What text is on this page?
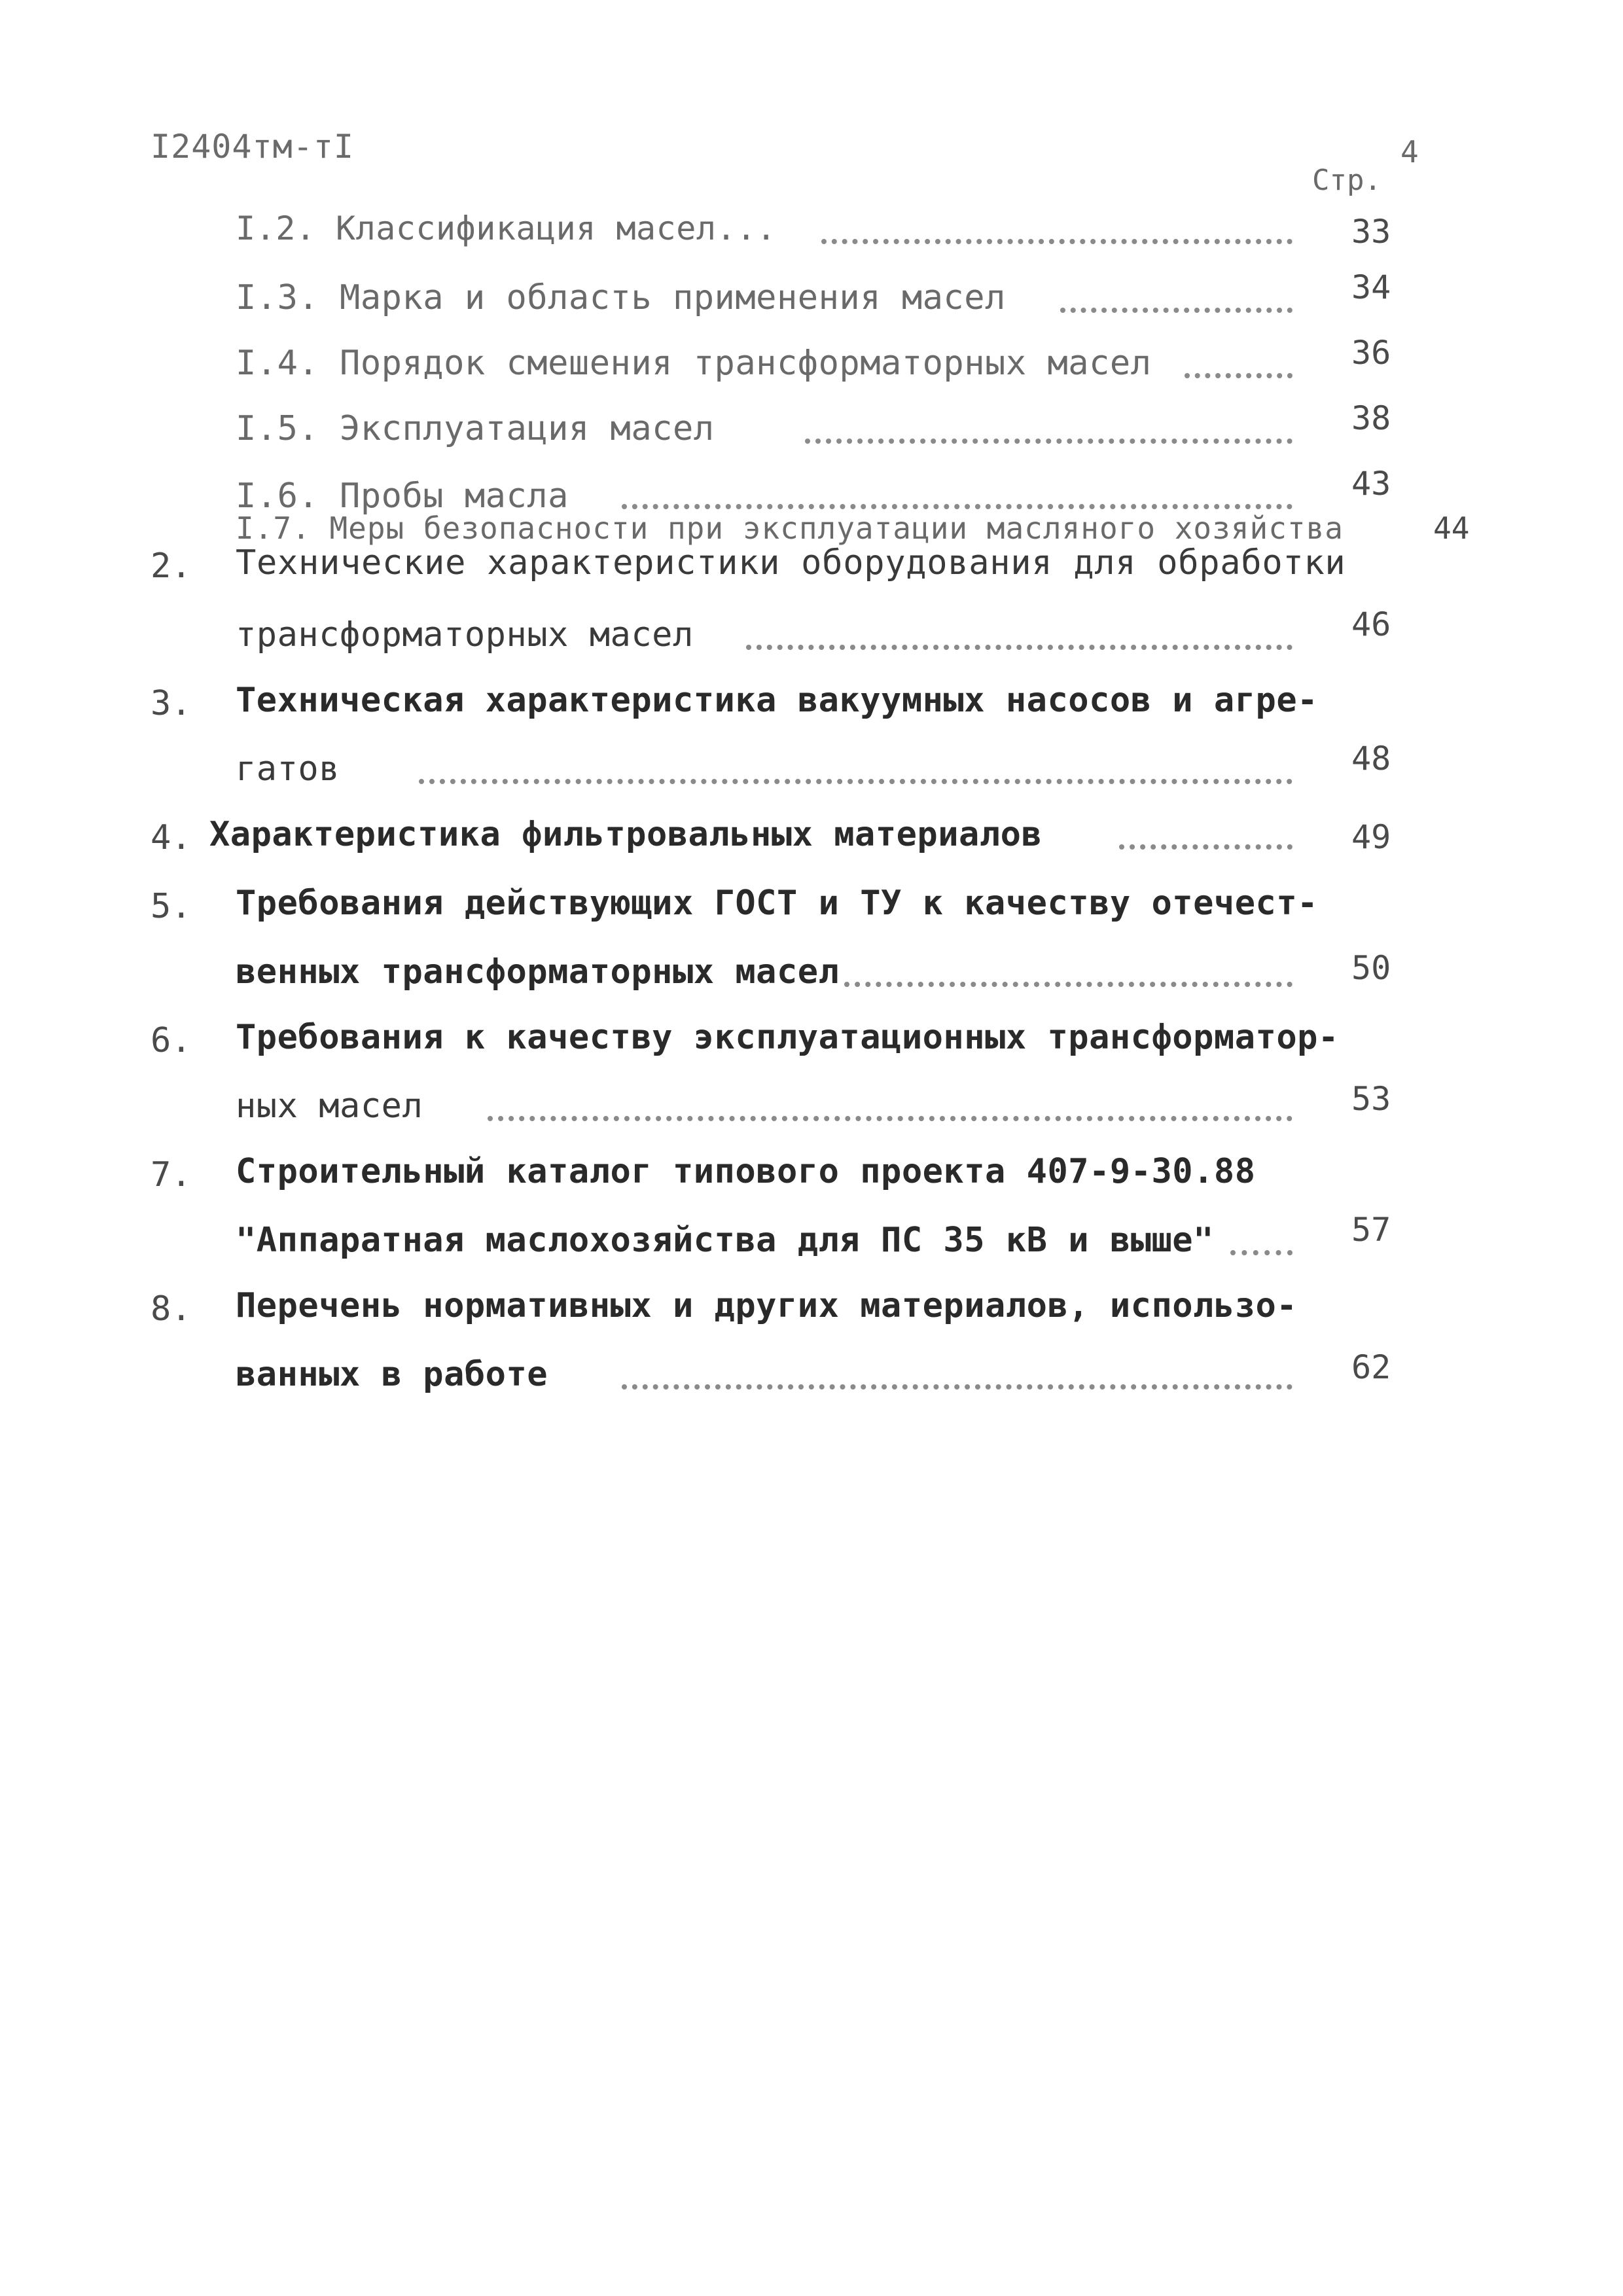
I2404тм-тI	4
Стр.
I.2. Классификация масел...	33
I.3. Марка и область применения масел	34
I.4. Порядок смешения трансформаторных масел	36
I.5. Эксплуатация масел	38
I.6. Пробы масла	43
I.7. Меры безопасности при эксплуатации масляного хозяйства	44
2.	Технические характеристики оборудования для обработки
трансформаторных масел	46
3.	Техническая характеристика вакуумных насосов и агре-
гатов	48
4. Характеристика фильтровальных материалов	49
5.	Требования действующих ГОСТ и ТУ к качеству отечест-
венных трансформаторных масел	50
6.	Требования к качеству эксплуатационных трансформатор-
ных масел	53
7.	Строительный каталог типового проекта 407-9-30.88
"Аппаратная маслохозяйства для ПС 35 кВ и выше"	57
8.	Перечень нормативных и других материалов, использо-
ванных в работе	62
